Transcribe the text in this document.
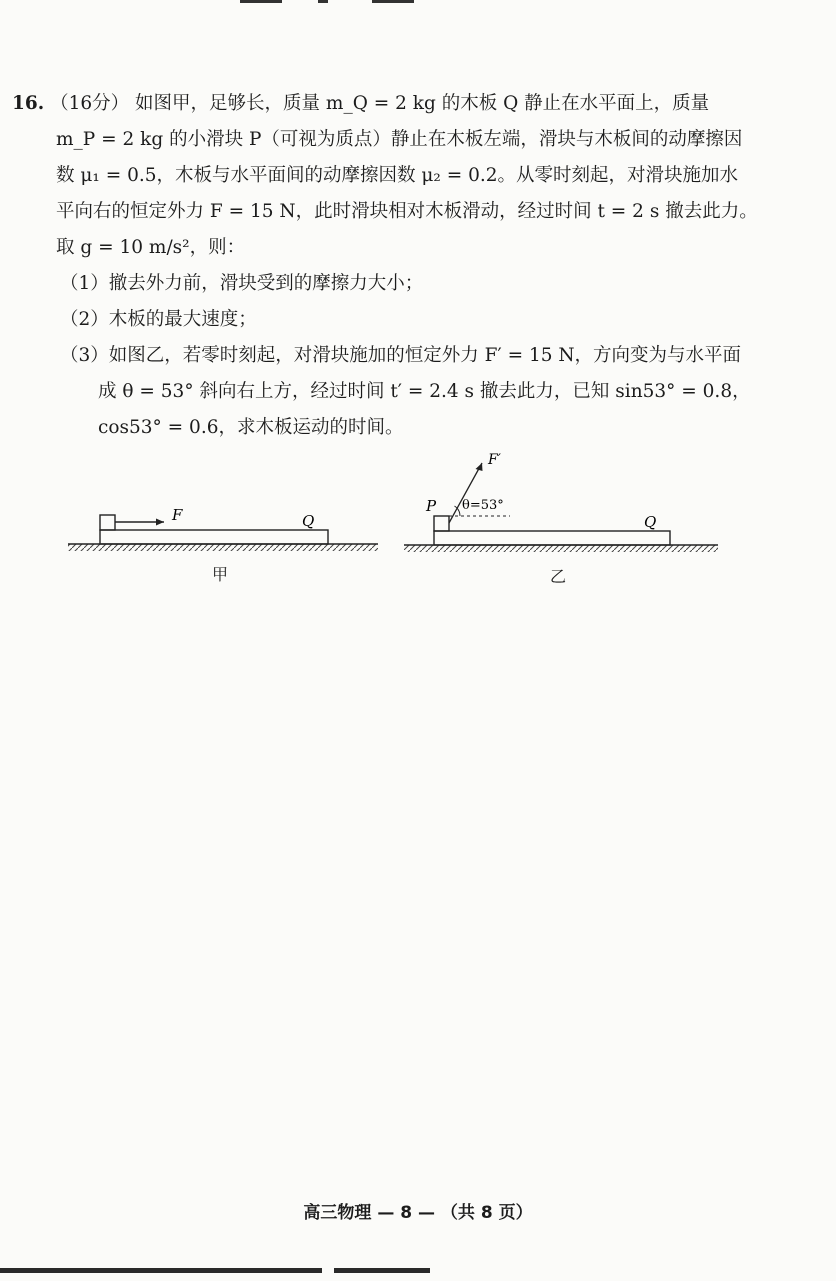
16. （16分） 如图甲，足够长，质量 m_Q = 2 kg 的木板 Q 静止在水平面上，质量

m_P = 2 kg 的小滑块 P（可视为质点）静止在木板左端，滑块与木板间的动摩擦因

数 μ₁ = 0.5，木板与水平面间的动摩擦因数 μ₂ = 0.2。从零时刻起，对滑块施加水

平向右的恒定外力 F = 15 N，此时滑块相对木板滑动，经过时间 t = 2 s 撤去此力。

取 g = 10 m/s²，则：

（1）撤去外力前，滑块受到的摩擦力大小；

（2）木板的最大速度；

（3）如图乙，若零时刻起，对滑块施加的恒定外力 F′ = 15 N，方向变为与水平面

成 θ = 53° 斜向右上方，经过时间 t′ = 2.4 s 撤去此力，已知 sin53° = 0.8，

cos53° = 0.6，求木板运动的时间。

F	Q
甲
F′
θ=53°
P
Q
乙
高三物理 — 8 — （共 8 页）
